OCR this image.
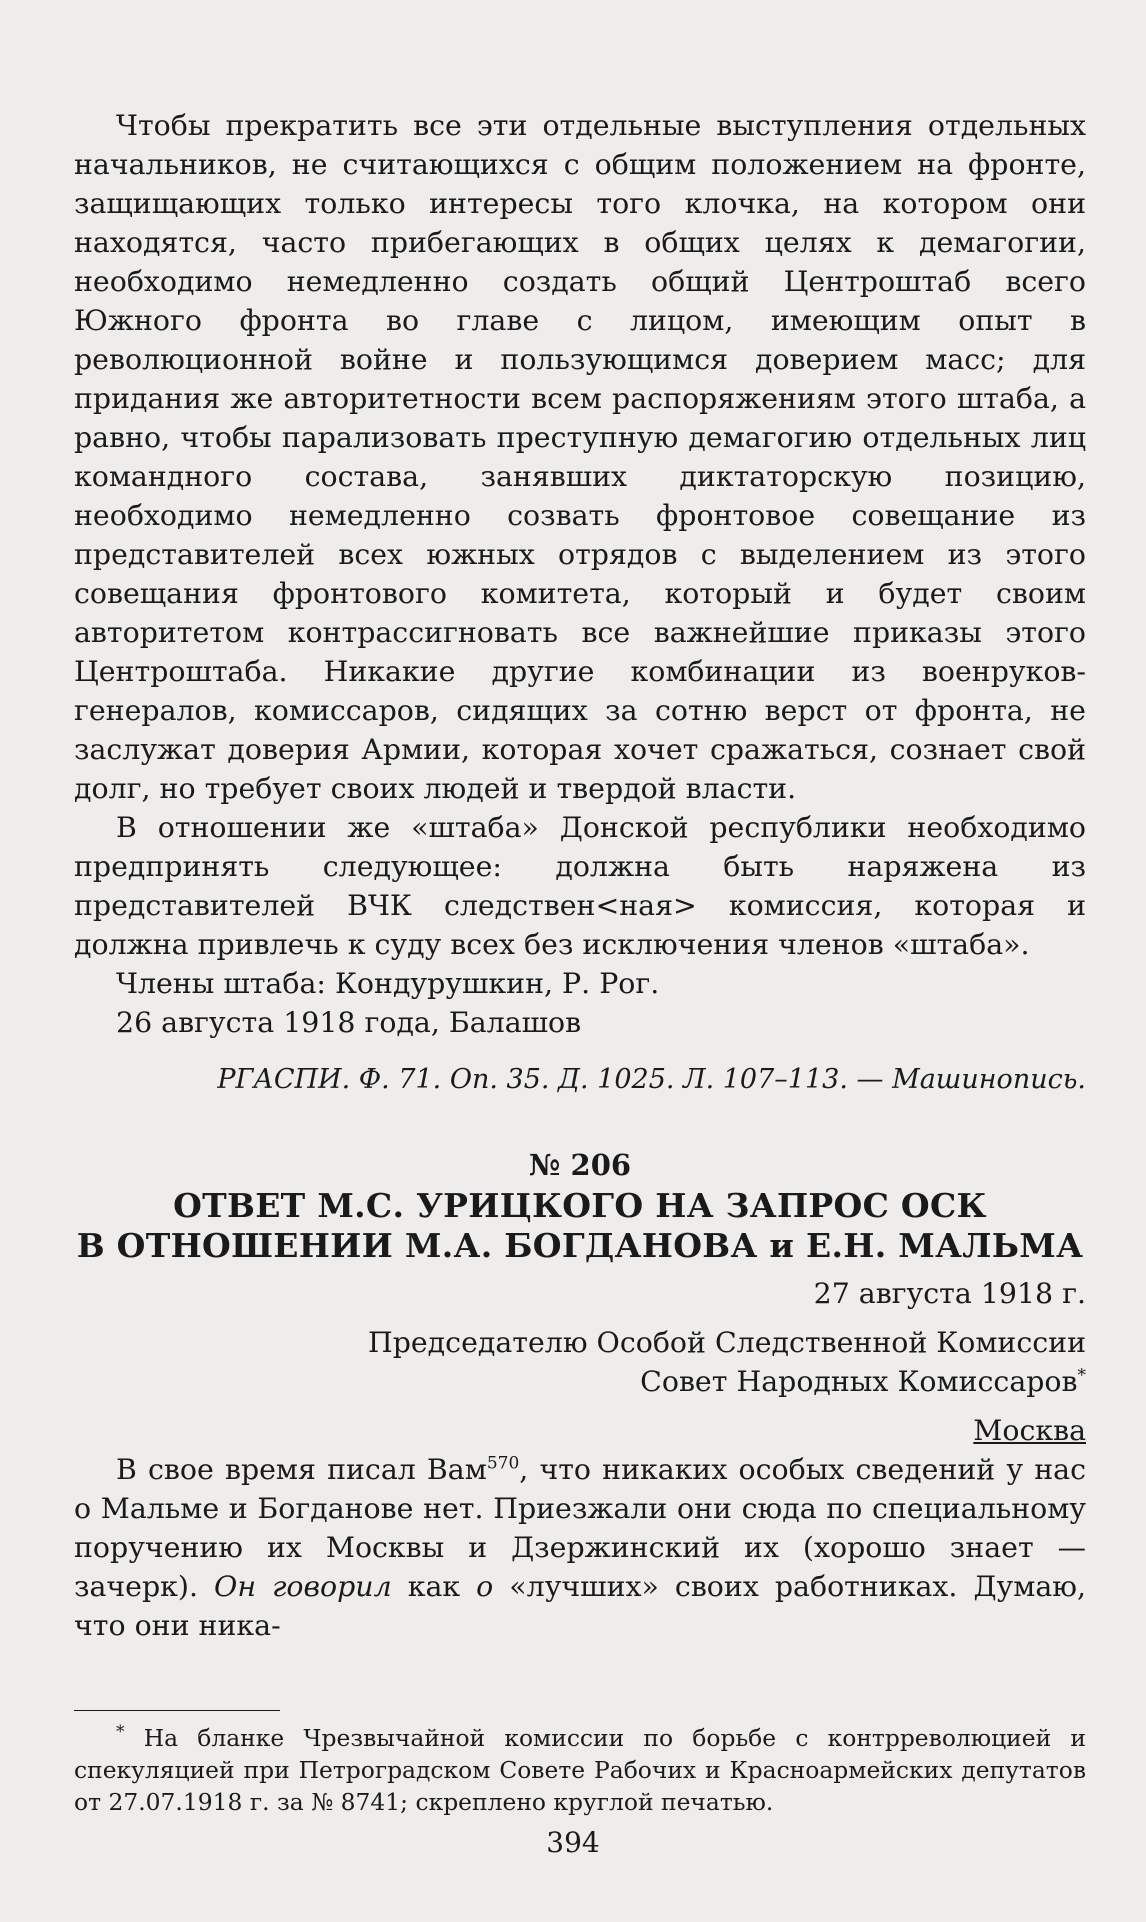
Чтобы прекратить все эти отдельные выступления отдельных начальников, не считающихся с общим положением на фронте, защищающих только интересы того клочка, на котором они находятся, часто прибегающих в общих целях к демагогии, необходимо немедленно создать общий Центроштаб всего Южного фронта во главе с лицом, имеющим опыт в революционной войне и пользующимся доверием масс; для придания же авторитетности всем распоряжениям этого штаба, а равно, чтобы парализовать преступную демагогию отдельных лиц командного состава, занявших диктаторскую позицию, необходимо немедленно созвать фронтовое совещание из представителей всех южных отрядов с выделением из этого совещания фронтового комитета, который и будет своим авторитетом контрассигновать все важнейшие приказы этого Центроштаба. Никакие другие комбинации из военруков-генералов, комиссаров, сидящих за сотню верст от фронта, не заслужат доверия Армии, которая хочет сражаться, сознает свой долг, но требует своих людей и твердой власти.

В отношении же «штаба» Донской республики необходимо предпринять следующее: должна быть наряжена из представителей ВЧК следствен<ная> комиссия, которая и должна привлечь к суду всех без исключения членов «штаба».

Члены штаба: Кондурушкин, Р. Рог.

26 августа 1918 года, Балашов

РГАСПИ. Ф. 71. Оп. 35. Д. 1025. Л. 107–113. — Машинопись.

№ 206

ОТВЕТ М.С. УРИЦКОГО НА ЗАПРОС ОСК

В ОТНОШЕНИИ М.А. БОГДАНОВА и Е.Н. МАЛЬМА

27 августа 1918 г.

Председателю Особой Следственной Комиссии

Совет Народных Комиссаров*

Москва

В свое время писал Вам$^{570}$, что никаких особых сведений у нас о Мальме и Богданове нет. Приезжали они сюда по специальному поручению их Москвы и Дзержинский их (хорошо знает — зачерк). Он говорил как о «лучших» своих работниках. Думаю, что они ника-

* На бланке Чрезвычайной комиссии по борьбе с контрреволюцией и спекуляцией при Петроградском Совете Рабочих и Красноармейских депутатов от 27.07.1918 г. за № 8741; скреплено круглой печатью.

394
